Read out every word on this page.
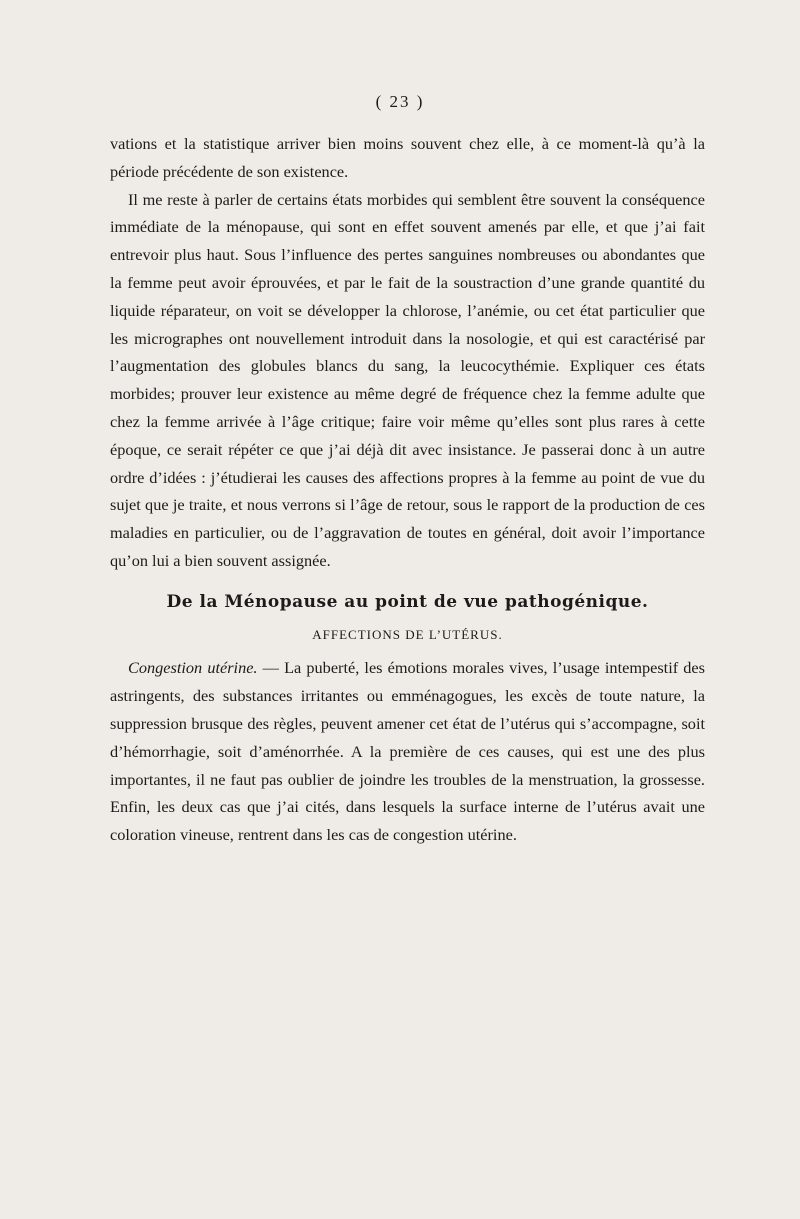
( 23 )

vations et la statistique arriver bien moins souvent chez elle, à ce moment-là qu’à la période précédente de son existence.

Il me reste à parler de certains états morbides qui semblent être souvent la conséquence immédiate de la ménopause, qui sont en effet souvent amenés par elle, et que j’ai fait entrevoir plus haut. Sous l’influence des pertes sanguines nombreuses ou abondantes que la femme peut avoir éprouvées, et par le fait de la soustraction d’une grande quantité du liquide réparateur, on voit se développer la chlorose, l’anémie, ou cet état particulier que les micrographes ont nouvellement introduit dans la nosologie, et qui est caractérisé par l’augmentation des globules blancs du sang, la leucocythémie. Expliquer ces états morbides; prouver leur existence au même degré de fréquence chez la femme adulte que chez la femme arrivée à l’âge critique; faire voir même qu’elles sont plus rares à cette époque, ce serait répéter ce que j’ai déjà dit avec insistance. Je passerai donc à un autre ordre d’idées : j’étudierai les causes des affections propres à la femme au point de vue du sujet que je traite, et nous verrons si l’âge de retour, sous le rapport de la production de ces maladies en particulier, ou de l’aggravation de toutes en général, doit avoir l’importance qu’on lui a bien souvent assignée.

De la Ménopause au point de vue pathogénique.
AFFECTIONS DE L’UTÉRUS.

Congestion utérine. — La puberté, les émotions morales vives, l’usage intempestif des astringents, des substances irritantes ou emménagogues, les excès de toute nature, la suppression brusque des règles, peuvent amener cet état de l’utérus qui s’accompagne, soit d’hémorrhagie, soit d’aménorrhée. A la première de ces causes, qui est une des plus importantes, il ne faut pas oublier de joindre les troubles de la menstruation, la grossesse. Enfin, les deux cas que j’ai cités, dans lesquels la surface interne de l’utérus avait une coloration vineuse, rentrent dans les cas de congestion utérine.
